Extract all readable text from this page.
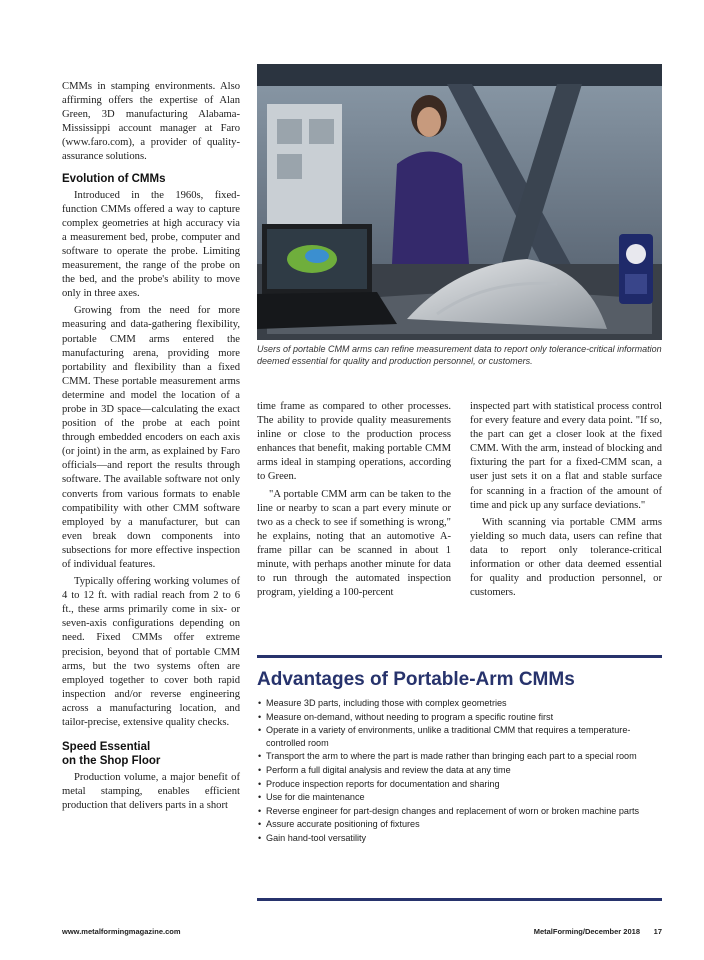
CMMs in stamping environments. Also affirming offers the expertise of Alan Green, 3D manufacturing Alabama-Mississippi account manager at Faro (www.faro.com), a provider of quality-assurance solutions.

Evolution of CMMs

Introduced in the 1960s, fixed-function CMMs offered a way to capture complex geometries at high accuracy via a measurement bed, probe, computer and software to operate the probe. Limiting measurement, the range of the probe on the bed, and the probe's ability to move only in three axes.

Growing from the need for more measuring and data-gathering flexibility, portable CMM arms entered the manufacturing arena, providing more portability and flexibility than a fixed CMM. These portable measurement arms determine and model the location of a probe in 3D space—calculating the exact position of the probe at each point through embedded encoders on each axis (or joint) in the arm, as explained by Faro officials—and report the results through software. The available software not only converts from various formats to enable compatibility with other CMM software employed by a manufacturer, but can even break down components into subsections for more effective inspection of individual features.

Typically offering working volumes of 4 to 12 ft. with radial reach from 2 to 6 ft., these arms primarily come in six- or seven-axis configurations depending on need. Fixed CMMs offer extreme precision, beyond that of portable CMM arms, but the two systems often are employed together to cover both rapid inspection and/or reverse engineering across a manufacturing location, and tailor-precise, extensive quality checks.

Speed Essential
on the Shop Floor

Production volume, a major benefit of metal stamping, enables efficient production that delivers parts in a short

Users of portable CMM arms can refine measurement data to report only tolerance-critical information deemed essential for quality and production personnel, or customers.

time frame as compared to other processes. The ability to provide quality measurements inline or close to the production process enhances that benefit, making portable CMM arms ideal in stamping operations, according to Green.

"A portable CMM arm can be taken to the line or nearby to scan a part every minute or two as a check to see if something is wrong," he explains, noting that an automotive A-frame pillar can be scanned in about 1 minute, with perhaps another minute for data to run through the automated inspection program, yielding a 100-percent

inspected part with statistical process control for every feature and every data point. "If so, the part can get a closer look at the fixed CMM. With the arm, instead of blocking and fixturing the part for a fixed-CMM scan, a user just sets it on a flat and stable surface for scanning in a fraction of the amount of time and pick up any surface deviations."

With scanning via portable CMM arms yielding so much data, users can refine that data to report only tolerance-critical information or other data deemed essential for quality and production personnel, or customers.

Advantages of Portable-Arm CMMs
• Measure 3D parts, including those with complex geometries
• Measure on-demand, without needing to program a specific routine first
• Operate in a variety of environments, unlike a traditional CMM that requires a temperature-controlled room
• Transport the arm to where the part is made rather than bringing each part to a special room
• Perform a full digital analysis and review the data at any time
• Produce inspection reports for documentation and sharing
• Use for die maintenance
• Reverse engineer for part-design changes and replacement of worn or broken machine parts
• Assure accurate positioning of fixtures
• Gain hand-tool versatility
www.metalformingmagazine.com	MetalForming/December 2018 17
